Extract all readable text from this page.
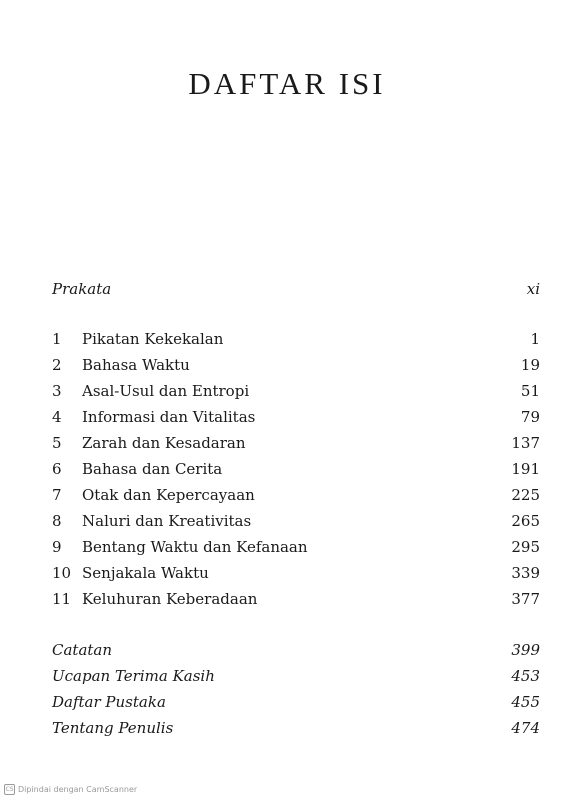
DAFTAR ISI
Prakata	xi
1 Pikatan Kekekalan	1
2 Bahasa Waktu	19
3 Asal-Usul dan Entropi	51
4 Informasi dan Vitalitas	79
5 Zarah dan Kesadaran	137
6 Bahasa dan Cerita	191
7 Otak dan Kepercayaan	225
8 Naluri dan Kreativitas	265
9 Bentang Waktu dan Kefanaan	295
10 Senjakala Waktu	339
11 Keluhuran Keberadaan	377
Catatan	399
Ucapan Terima Kasih	453
Daftar Pustaka	455
Tentang Penulis	474
CS Dipindai dengan CamScanner
